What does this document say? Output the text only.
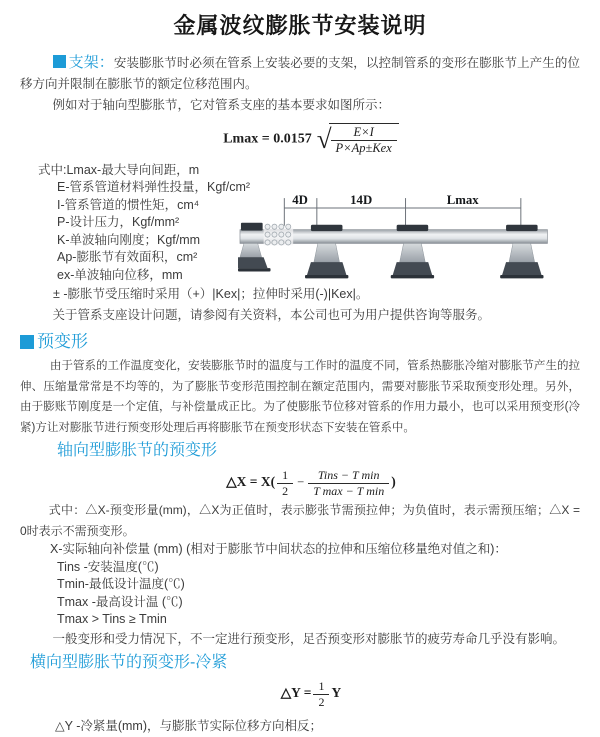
金属波纹膨胀节安装说明

支架：安装膨胀节时必须在管系上安装必要的支架，以控制管系的变形在膨胀节上产生的位移方向并限制在膨胀节的额定位移范围内。

例如对于轴向型膨胀节，它对管系支座的基本要求如图所示：

Lmax = 0.0157 √ $\frac{E\times I}{\text{P×Ap±Kex}}$
式中:Lmax-最大导向间距，m
E-管系管道材料弹性投量，Kgf/cm²
I-管系管道的惯性矩，cm⁴
P-设计压力，Kgf/mm²
K-单波轴向刚度；Kgf/mm
Ap-膨胀节有效面积，cm²
ex-单波轴向位移，mm
4D	14D	Lmax

± -膨胀节受压缩时采用（+）|Kex|；拉伸时采用(-)|Kex|。

关于管系支座设计问题，请参阅有关资料，本公司也可为用户提供咨询等服务。

预变形

由于管系的工作温度变化，安装膨胀节时的温度与工作时的温度不同，管系热膨胀冷缩对膨胀节产生的拉伸、压缩量常常是不均等的，为了膨胀节变形范围控制在额定范围内，需要对膨胀节采取预变形处理。另外，由于膨账节刚度是一个定值，与补偿量成正比。为了使膨胀节位移对管系的作用力最小，也可以采用预变形(冷紧)方让对膨胀节进行预变形处理后再将膨胀节在预变形状态下安装在管系中。

轴向型膨胀节的预变形
△X = $X( \frac{1}{2} - \frac{\text{Tins − T min}}{\text{T max − T min}}$ )

式中：△X-预变形量(mm)，△X为正值时，表示膨张节需预拉伸；为负值时，表示需预压缩；△X = 0时表示不需预变形。

X-实际轴向补偿量 (mm) (相对于膨胀节中间状态的拉伸和压缩位移量绝对值之和)：
Tins -安装温度(℃)
Tmin-最低设计温度(℃)
Tmax -最高设计温 (℃)
Tmax > Tins ≥ Tmin

一般变形和受力情况下，不一定进行预变形，足否预变形对膨胀节的疲劳寿命几乎没有影响。

横向型膨胀节的预变形-冷紧
△Y = $\frac{1}{2}$ Y
△Y -冷紧量(mm)，与膨胀节实际位移方向相反；
